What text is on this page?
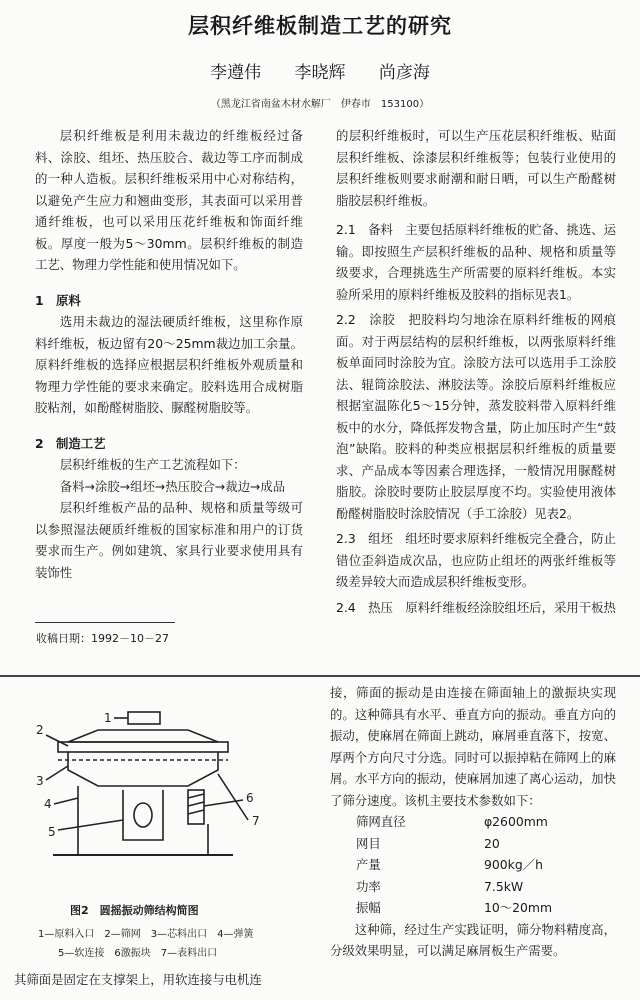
层积纤维板制造工艺的研究
李遵伟 李晓辉 尚彦海
（黑龙江省南盆木材水解厂　伊春市　153100）

层积纤维板是利用未裁边的纤维板经过备料、涂胶、组坯、热压胶合、裁边等工序而制成的一种人造板。层积纤维板采用中心对称结构，以避免产生应力和翘曲变形，其表面可以采用普通纤维板，也可以采用压花纤维板和饰面纤维板。厚度一般为5～30mm。层积纤维板的制造工艺、物理力学性能和使用情况如下。

1　原料

选用未裁边的湿法硬质纤维板，这里称作原料纤维板，板边留有20～25mm裁边加工余量。原料纤维板的选择应根据层积纤维板外观质量和物理力学性能的要求来确定。胶料选用合成树脂胶粘剂，如酚醛树脂胶、脲醛树脂胶等。

2　制造工艺

层积纤维板的生产工艺流程如下：

备料→涂胶→组坯→热压胶合→裁边→成品

层积纤维板产品的品种、规格和质量等级可以参照湿法硬质纤维板的国家标准和用户的订货要求而生产。例如建筑、家具行业要求使用具有装饰性

收稿日期：1992－10－27

的层积纤维板时，可以生产压花层积纤维板、贴面层积纤维板、涂漆层积纤维板等；包装行业使用的层积纤维板则要求耐潮和耐日晒，可以生产酚醛树脂胶层积纤维板。

2.1　备料　主要包括原料纤维板的贮备、挑选、运输。即按照生产层积纤维板的品种、规格和质量等级要求，合理挑选生产所需要的原料纤维板。本实验所采用的原料纤维板及胶料的指标见表1。

2.2　涂胶　把胶料均匀地涂在原料纤维板的网痕面。对于两层结构的层积纤维板，以两张原料纤维板单面同时涂胶为宜。涂胶方法可以选用手工涂胶法、辊筒涂胶法、淋胶法等。涂胶后原料纤维板应根据室温陈化5～15分钟，蒸发胶料带入原料纤维板中的水分，降低挥发物含量，防止加压时产生“鼓泡”缺陷。胶料的种类应根据层积纤维板的质量要求、产品成本等因素合理选择，一般情况用脲醛树脂胶。涂胶时要防止胶层厚度不均。实验使用液体酚醛树脂胶时涂胶情况（手工涂胶）见表2。

2.3　组坯　组坯时要求原料纤维板完全叠合，防止错位歪斜造成次品，也应防止组坯的两张纤维板等级差异较大而造成层积纤维板变形。

2.4　热压　原料纤维板经涂胶组坯后，采用干板热

1
2
3
4
5
6
7
图2　圆摇振动筛结构简图
1—原料入口　2—筛网　3—芯料出口　4—弹簧
5—软连接　6激振块　7—表料出口

接，筛面的振动是由连接在筛面轴上的激振块实现的。这种筛具有水平、垂直方向的振动。垂直方向的振动，使麻屑在筛面上跳动，麻屑垂直落下，按宽、厚两个方向尺寸分选。同时可以振掉粘在筛网上的麻屑。水平方向的振动，使麻屑加速了离心运动，加快了筛分速度。该机主要技术参数如下：

筛网直径	φ2600mm
网目	20
产量	900kg／h
功率	7.5kW
振幅	10～20mm

这种筛，经过生产实践证明，筛分物料精度高，分级效果明显，可以满足麻屑板生产需要。

其筛面是固定在支撑架上，用软连接与电机连
